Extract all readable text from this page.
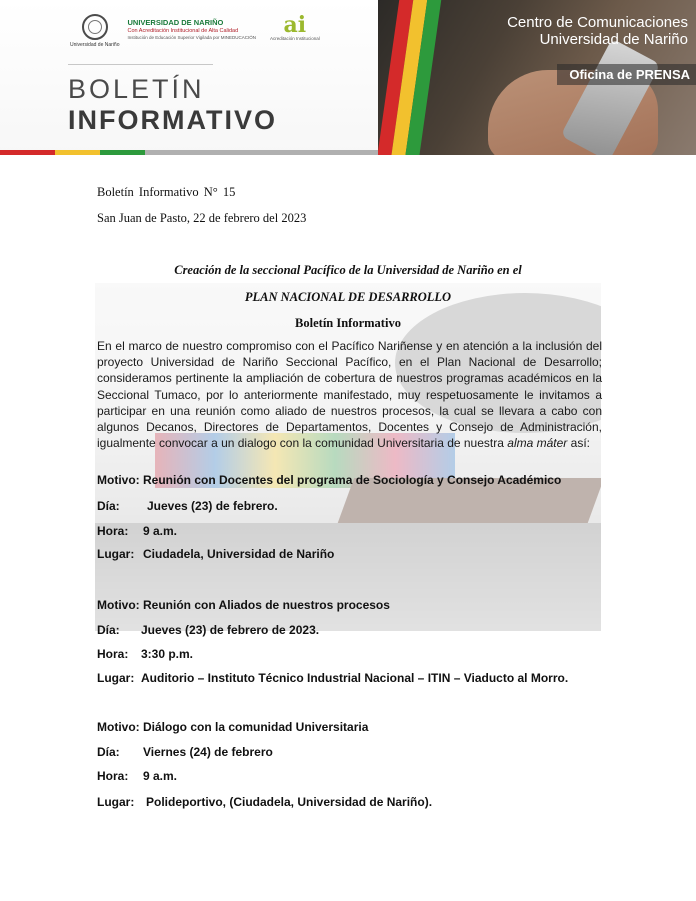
Universidad de Nariño
UNIVERSIDAD DE NARIÑO
Con Acreditación Institucional de Alta Calidad
Institución de Educación Superior Vigilada por MINEDUCACIÓN ai
Acreditación Institucional
BOLETÍN
INFORMATIVO
Centro de Comunicaciones
Universidad de Nariño
Oficina de PRENSA
Boletín Informativo N° 15
San Juan de Pasto, 22 de febrero del 2023
Creación de la seccional Pacífico de la Universidad de Nariño en el
PLAN NACIONAL DE DESARROLLO
Boletín Informativo
En el marco de nuestro compromiso con el Pacífico Nariñense y en atención a la inclusión del proyecto Universidad de Nariño Seccional Pacífico, en el Plan Nacional de Desarrollo; consideramos pertinente la ampliación de cobertura de nuestros programas académicos en la Seccional Tumaco, por lo anteriormente manifestado, muy respetuosamente le invitamos a participar en una reunión como aliado de nuestros procesos, la cual se llevara a cabo con algunos Decanos, Directores de Departamentos, Docentes y Consejo de Administración, igualmente convocar a un dialogo con la comunidad Universitaria de nuestra alma máter así:
Motivo: Reunión con Docentes del programa de Sociología y Consejo Académico
Día: Jueves (23) de febrero.
Hora: 9 a.m.
Lugar: Ciudadela, Universidad de Nariño
Motivo: Reunión con Aliados de nuestros procesos
Día: Jueves (23) de febrero de 2023.
Hora: 3:30 p.m.
Lugar: Auditorio – Instituto Técnico Industrial Nacional – ITIN – Viaducto al Morro.
Motivo: Diálogo con la comunidad Universitaria
Día: Viernes (24) de febrero
Hora: 9 a.m.
Lugar: Polideportivo, (Ciudadela, Universidad de Nariño).
